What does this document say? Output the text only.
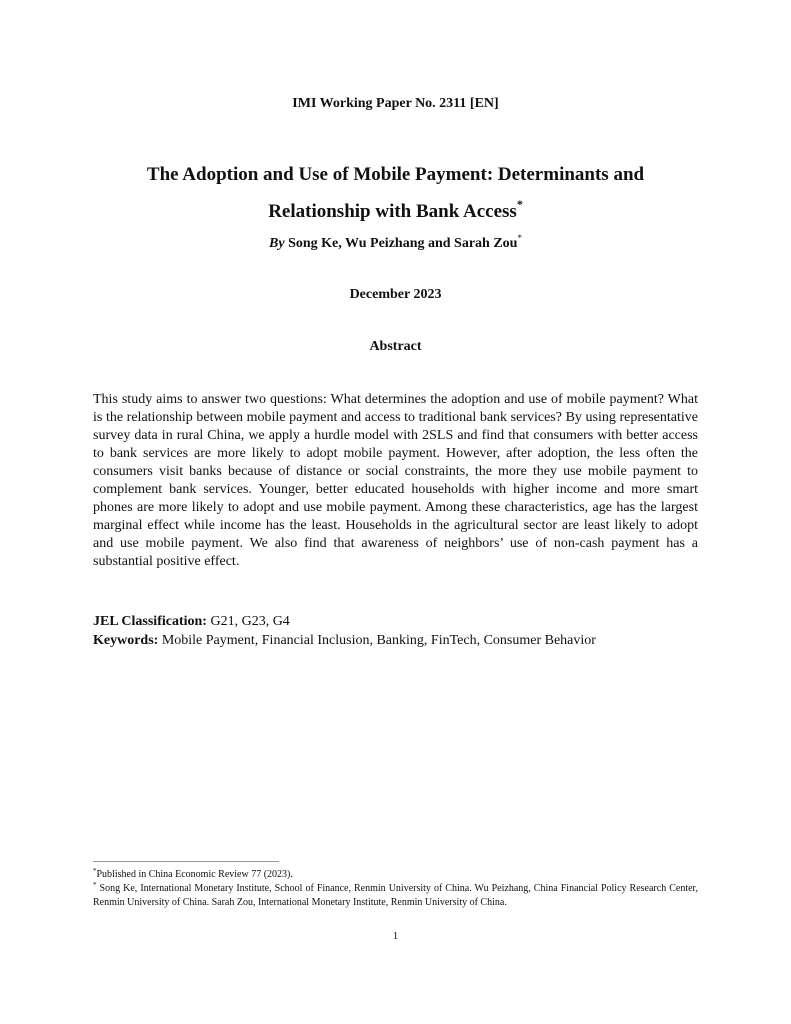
IMI Working Paper No. 2311 [EN]
The Adoption and Use of Mobile Payment: Determinants and
Relationship with Bank Access*
By Song Ke, Wu Peizhang and Sarah Zou*
December 2023
Abstract
This study aims to answer two questions: What determines the adoption and use of mobile payment? What is the relationship between mobile payment and access to traditional bank services? By using representative survey data in rural China, we apply a hurdle model with 2SLS and find that consumers with better access to bank services are more likely to adopt mobile payment. However, after adoption, the less often the consumers visit banks because of distance or social constraints, the more they use mobile payment to complement bank services. Younger, better educated households with higher income and more smart phones are more likely to adopt and use mobile payment. Among these characteristics, age has the largest marginal effect while income has the least. Households in the agricultural sector are least likely to adopt and use mobile payment. We also find that awareness of neighbors’ use of non-cash payment has a substantial positive effect.
JEL Classification: G21, G23, G4
Keywords: Mobile Payment, Financial Inclusion, Banking, FinTech, Consumer Behavior
*Published in China Economic Review 77 (2023).
* Song Ke, International Monetary Institute, School of Finance, Renmin University of China. Wu Peizhang, China Financial Policy Research Center, Renmin University of China. Sarah Zou, International Monetary Institute, Renmin University of China.
1
